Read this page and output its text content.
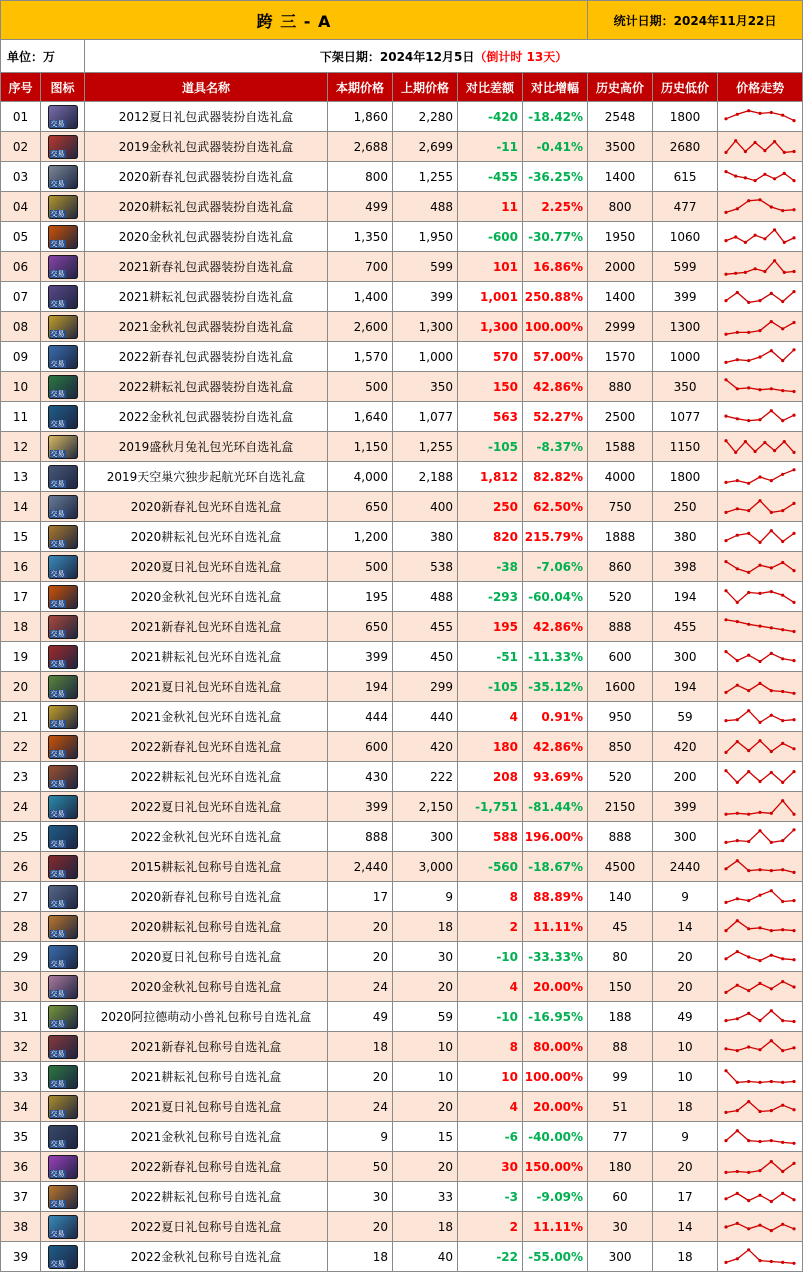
跨 三 - A							统计日期：2024年11月22日		
单位：万		下架日期：2024年12月5日（倒计时 13天）							
序号	图标	道具名称	本期价格	上期价格	对比差额	对比增幅	历史高价	历史低价	价格走势
01	交易	2012夏日礼包武器装扮自选礼盒	1,860	2,280	-420	-18.42%	2548	1800	

02	交易	2019金秋礼包武器装扮自选礼盒	2,688	2,699	-11	-0.41%	3500	2680	

03	交易	2020新春礼包武器装扮自选礼盒	800	1,255	-455	-36.25%	1400	615	

04	交易	2020耕耘礼包武器装扮自选礼盒	499	488	11	2.25%	800	477	

05	交易	2020金秋礼包武器装扮自选礼盒	1,350	1,950	-600	-30.77%	1950	1060	

06	交易	2021新春礼包武器装扮自选礼盒	700	599	101	16.86%	2000	599	

07	交易	2021耕耘礼包武器装扮自选礼盒	1,400	399	1,001	250.88%	1400	399	

08	交易	2021金秋礼包武器装扮自选礼盒	2,600	1,300	1,300	100.00%	2999	1300	

09	交易	2022新春礼包武器装扮自选礼盒	1,570	1,000	570	57.00%	1570	1000	

10	交易	2022耕耘礼包武器装扮自选礼盒	500	350	150	42.86%	880	350	

11	交易	2022金秋礼包武器装扮自选礼盒	1,640	1,077	563	52.27%	2500	1077	

12	交易	2019盛秋月兔礼包光环自选礼盒	1,150	1,255	-105	-8.37%	1588	1150	

13	交易	2019天空巢穴独步起航光环自选礼盒	4,000	2,188	1,812	82.82%	4000	1800	

14	交易	2020新春礼包光环自选礼盒	650	400	250	62.50%	750	250	

15	交易	2020耕耘礼包光环自选礼盒	1,200	380	820	215.79%	1888	380	

16	交易	2020夏日礼包光环自选礼盒	500	538	-38	-7.06%	860	398	

17	交易	2020金秋礼包光环自选礼盒	195	488	-293	-60.04%	520	194	

18	交易	2021新春礼包光环自选礼盒	650	455	195	42.86%	888	455	

19	交易	2021耕耘礼包光环自选礼盒	399	450	-51	-11.33%	600	300	

20	交易	2021夏日礼包光环自选礼盒	194	299	-105	-35.12%	1600	194	

21	交易	2021金秋礼包光环自选礼盒	444	440	4	0.91%	950	59	

22	交易	2022新春礼包光环自选礼盒	600	420	180	42.86%	850	420	

23	交易	2022耕耘礼包光环自选礼盒	430	222	208	93.69%	520	200	

24	交易	2022夏日礼包光环自选礼盒	399	2,150	-1,751	-81.44%	2150	399	

25	交易	2022金秋礼包光环自选礼盒	888	300	588	196.00%	888	300	

26	交易	2015耕耘礼包称号自选礼盒	2,440	3,000	-560	-18.67%	4500	2440	

27	交易	2020新春礼包称号自选礼盒	17	9	8	88.89%	140	9	

28	交易	2020耕耘礼包称号自选礼盒	20	18	2	11.11%	45	14	

29	交易	2020夏日礼包称号自选礼盒	20	30	-10	-33.33%	80	20	

30	交易	2020金秋礼包称号自选礼盒	24	20	4	20.00%	150	20	

31	交易	2020阿拉德萌动小兽礼包称号自选礼盒	49	59	-10	-16.95%	188	49	

32	交易	2021新春礼包称号自选礼盒	18	10	8	80.00%	88	10	

33	交易	2021耕耘礼包称号自选礼盒	20	10	10	100.00%	99	10	

34	交易	2021夏日礼包称号自选礼盒	24	20	4	20.00%	51	18	

35	交易	2021金秋礼包称号自选礼盒	9	15	-6	-40.00%	77	9	

36	交易	2022新春礼包称号自选礼盒	50	20	30	150.00%	180	20	

37	交易	2022耕耘礼包称号自选礼盒	30	33	-3	-9.09%	60	17	

38	交易	2022夏日礼包称号自选礼盒	20	18	2	11.11%	30	14	

39	交易	2022金秋礼包称号自选礼盒	18	40	-22	-55.00%	300	18	
